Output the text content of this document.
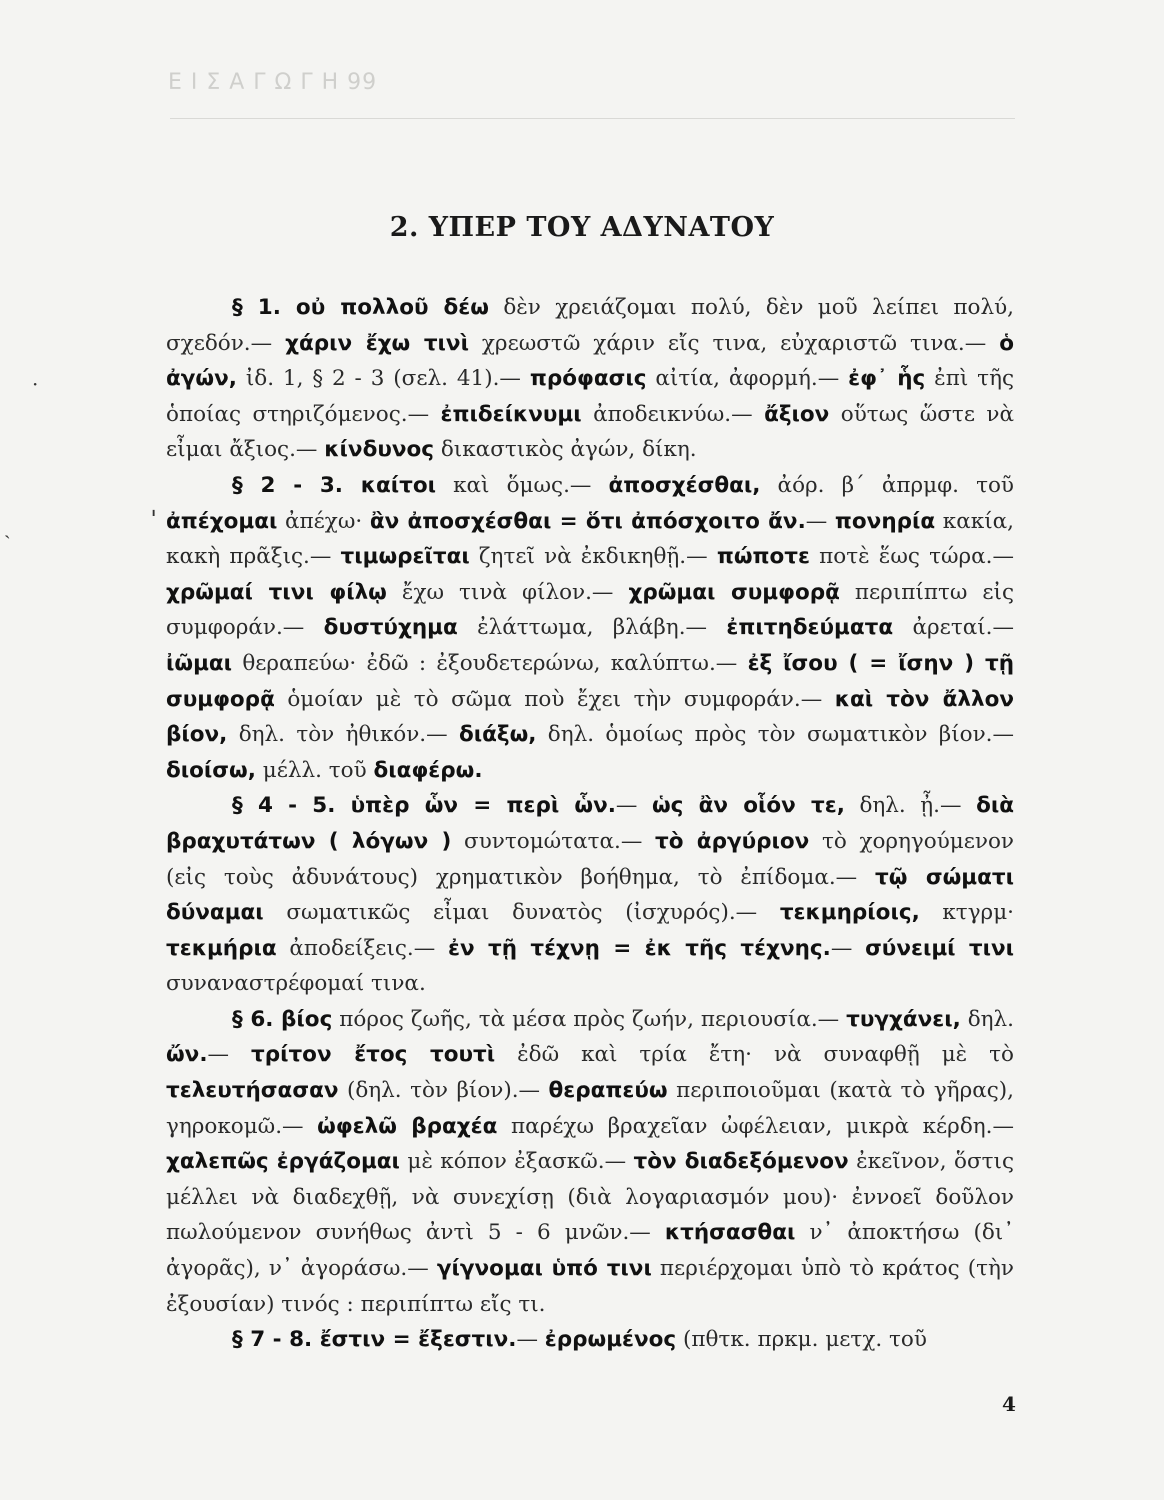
Ε Ι Σ Α Γ Ω Γ Η 99
·
ˌ
ˎ
2. ΥΠΕΡ ΤΟΥ ΑΔΥΝΑΤΟΥ

§ 1. οὐ πολλοῦ δέω δὲν χρειάζομαι πολύ, δὲν μοῦ λείπει πολύ, σχεδόν.— χάριν ἔχω τινὶ χρεωστῶ χάριν εἴς τινα, εὐχαριστῶ τινα.— ὁ ἀγών, ἰδ. 1, § 2 - 3 (σελ. 41).— πρόφασις αἰτία, ἀφορμή.— ἐφ᾽ ἧς ἐπὶ τῆς ὁποίας στηριζόμενος.— ἐπιδείκνυμι ἀποδεικνύω.— ἄξιον οὕτως ὥστε νὰ εἶμαι ἄξιος.— κίνδυνος δικαστικὸς ἀγών, δίκη.

§ 2 - 3. καίτοι καὶ ὅμως.— ἀποσχέσθαι, ἀόρ. β΄ ἀπρμφ. τοῦ ἀπέχομαι ἀπέχω· ἂν ἀποσχέσθαι = ὅτι ἀπόσχοιτο ἄν.— πονηρία κακία, κακὴ πρᾶξις.— τιμωρεῖται ζητεῖ νὰ ἐκδικηθῇ.— πώποτε ποτὲ ἕως τώρα.— χρῶμαί τινι φίλῳ ἔχω τινὰ φίλον.— χρῶμαι συμφορᾷ περιπίπτω εἰς συμφοράν.— δυστύχημα ἐλάττωμα, βλάβη.— ἐπιτηδεύματα ἀρεταί.— ἰῶμαι θεραπεύω· ἐδῶ : ἐξουδετερώνω, καλύπτω.— ἐξ ἴσου ( = ἴσην ) τῇ συμφορᾷ ὁμοίαν μὲ τὸ σῶμα ποὺ ἔχει τὴν συμφοράν.— καὶ τὸν ἄλλον βίον, δηλ. τὸν ἠθικόν.— διάξω, δηλ. ὁμοίως πρὸς τὸν σωματικὸν βίον.— διοίσω, μέλλ. τοῦ διαφέρω.

§ 4 - 5. ὑπὲρ ὧν = περὶ ὧν.— ὡς ἂν οἷόν τε, δηλ. ᾖ.— διὰ βραχυτάτων ( λόγων ) συντομώτατα.— τὸ ἀργύριον τὸ χορηγούμενον (εἰς τοὺς ἀδυνάτους) χρηματικὸν βοήθημα, τὸ ἐπίδομα.— τῷ σώματι δύναμαι σωματικῶς εἶμαι δυνατὸς (ἰσχυρός).— τεκμηρίοις, κτγρμ· τεκμήρια ἀποδείξεις.— ἐν τῇ τέχνῃ = ἐκ τῆς τέχνης.— σύνειμί τινι συναναστρέφομαί τινα.

§ 6. βίος πόρος ζωῆς, τὰ μέσα πρὸς ζωήν, περιουσία.— τυγχάνει, δηλ. ὤν.— τρίτον ἔτος τουτὶ ἐδῶ καὶ τρία ἔτη· νὰ συναφθῇ μὲ τὸ τελευτήσασαν (δηλ. τὸν βίον).— θεραπεύω περιποιοῦμαι (κατὰ τὸ γῆρας), γηροκομῶ.— ὠφελῶ βραχέα παρέχω βραχεῖαν ὠφέλειαν, μικρὰ κέρδη.— χαλεπῶς ἐργάζομαι μὲ κόπον ἐξασκῶ.— τὸν διαδεξόμενον ἐκεῖνον, ὅστις μέλλει νὰ διαδεχθῇ, νὰ συνεχίσῃ (διὰ λογαριασμόν μου)· ἐννοεῖ δοῦλον πωλούμενον συνήθως ἀντὶ 5 - 6 μνῶν.— κτήσασθαι ν᾽ ἀποκτήσω (δι᾽ ἀγορᾶς), ν᾽ ἀγοράσω.— γίγνομαι ὑπό τινι περιέρχομαι ὑπὸ τὸ κράτος (τὴν ἐξουσίαν) τινός : περιπίπτω εἴς τι.

§ 7 - 8. ἔστιν = ἔξεστιν.— ἐρρωμένος (πθτκ. πρκμ. μετχ. τοῦ

4
